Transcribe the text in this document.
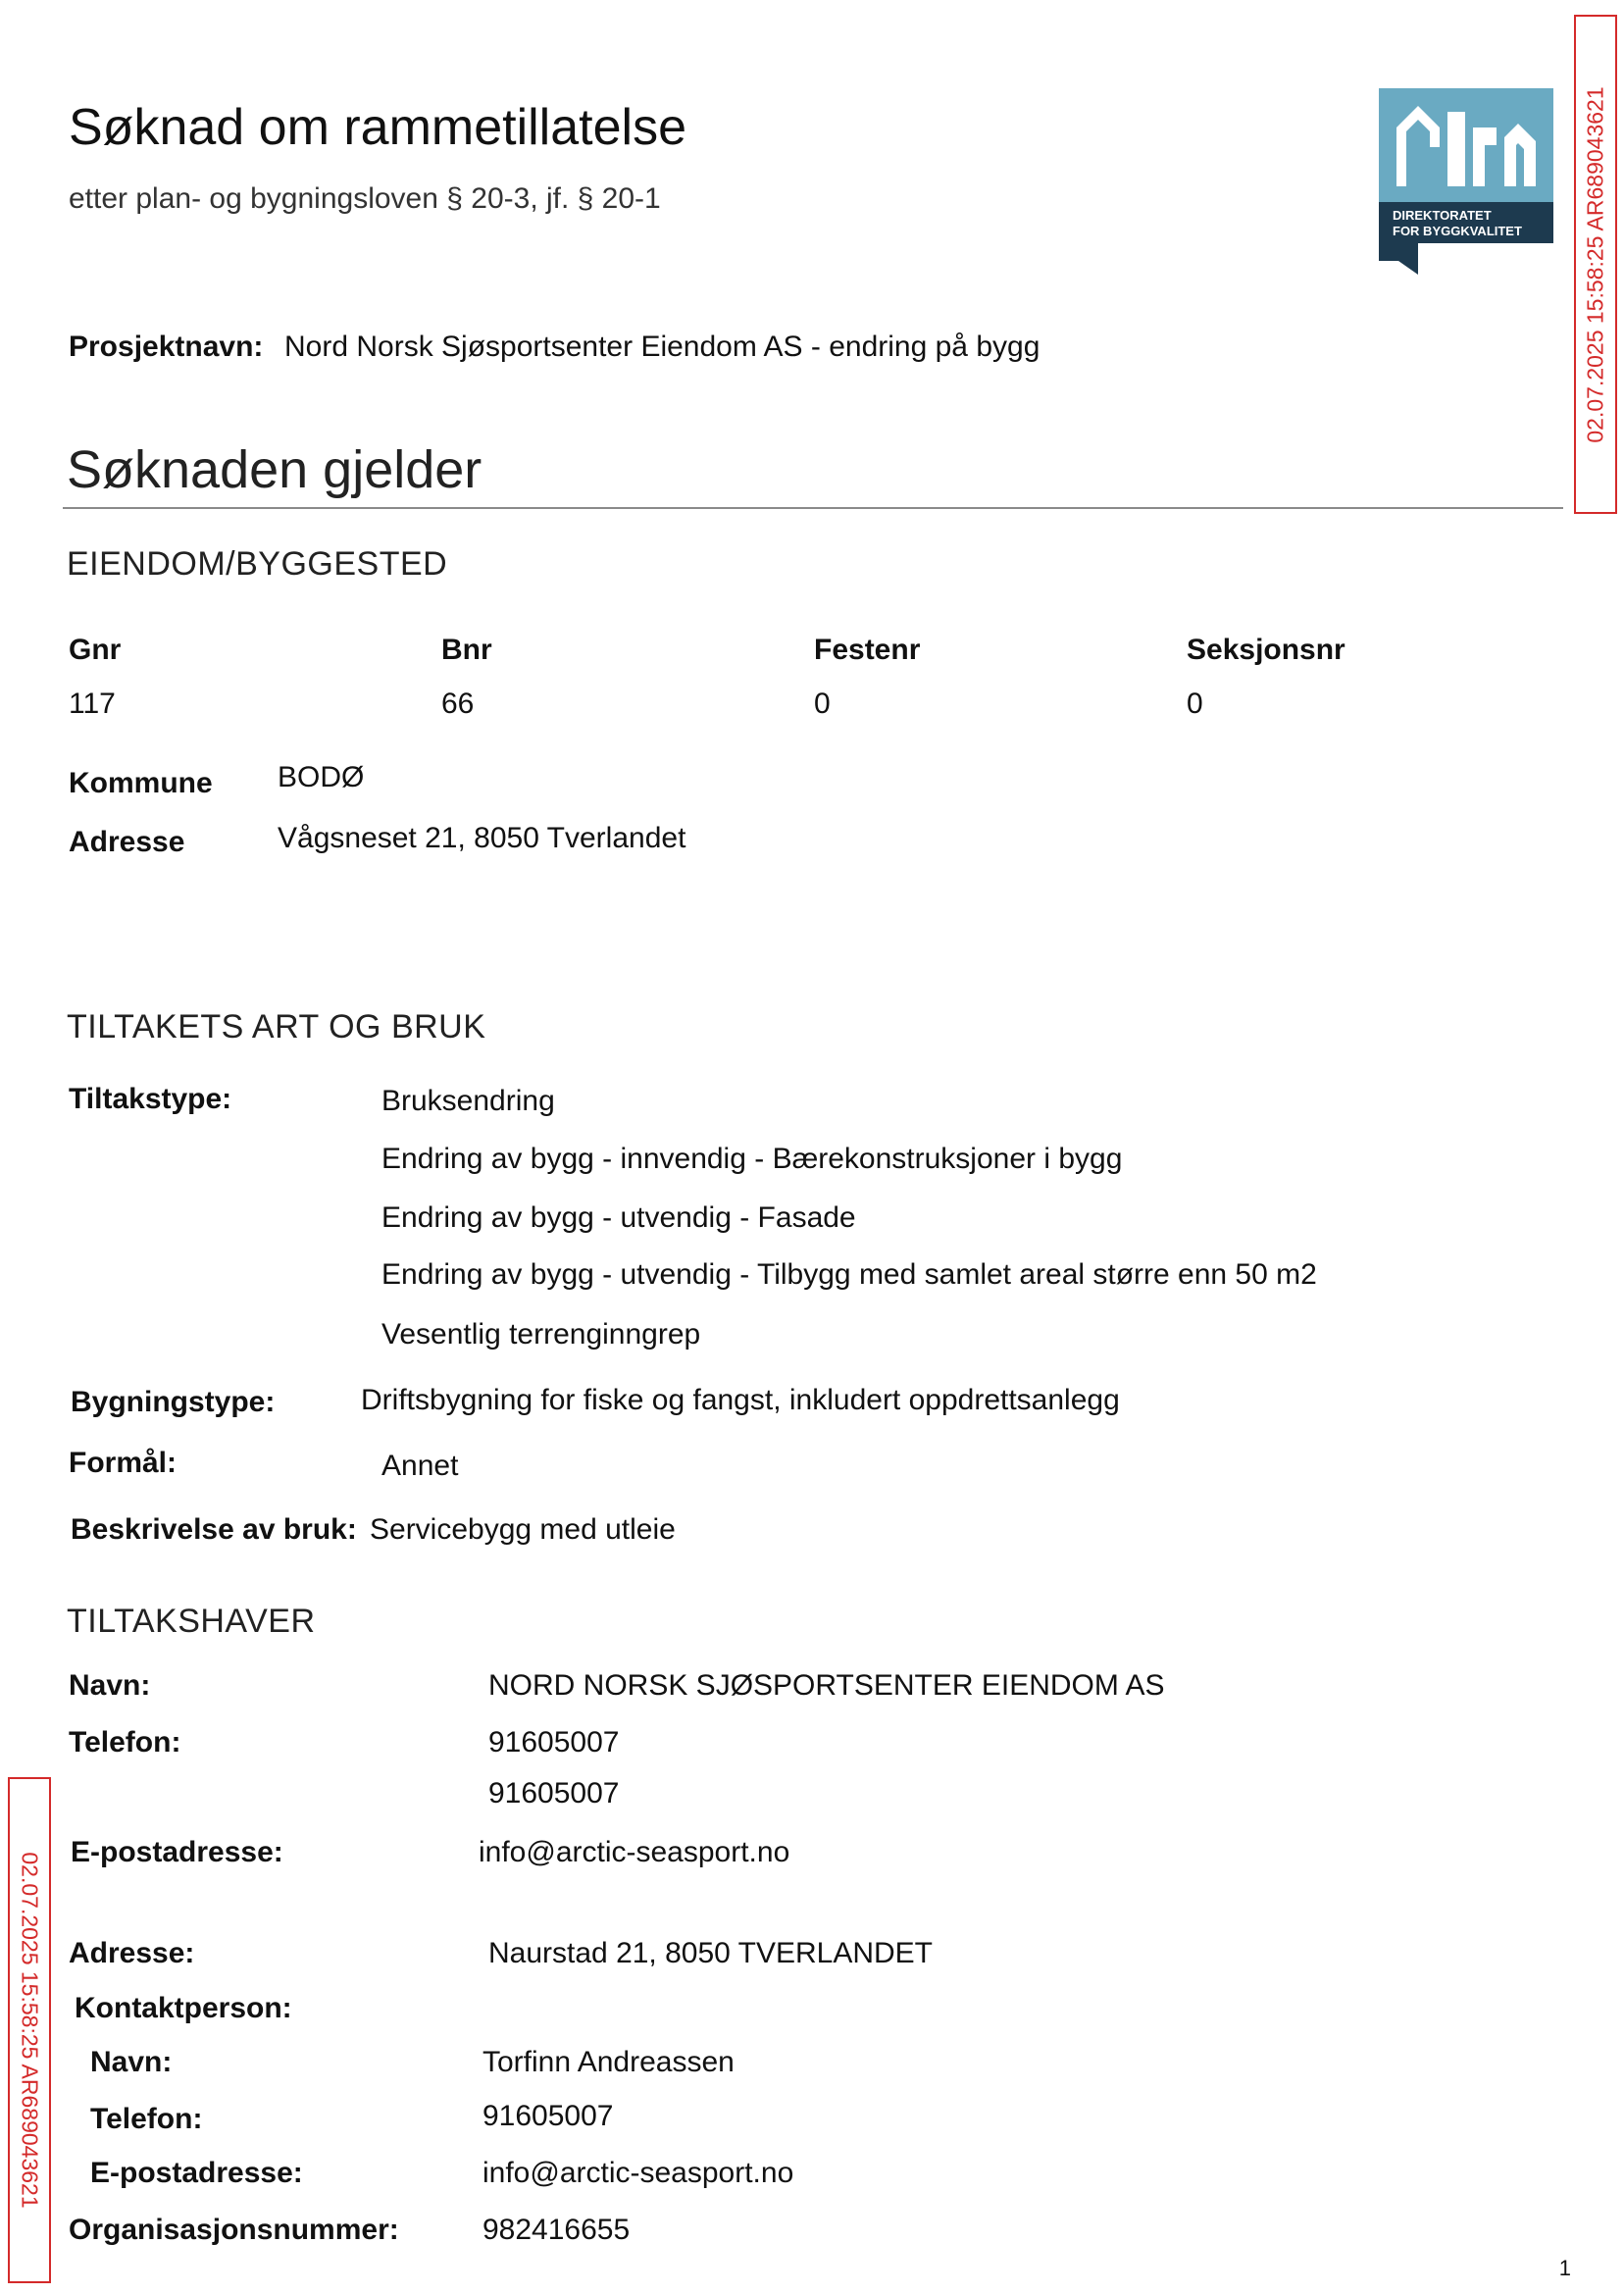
Søknad om rammetillatelse
etter plan- og bygningsloven § 20-3, jf. § 20-1
DIREKTORATET
FOR BYGGKVALITET	02.07.2025 15:58:25 AR689043621
02.07.2025 15:58:25 AR689043621
Prosjektnavn: Nord Norsk Sjøsportsenter Eiendom AS - endring på bygg
Søknaden gjelder
EIENDOM/BYGGESTED
Gnr	Bnr	Festenr	Seksjonsnr
117	66	0	0
Kommune BODØ
Adresse	Vågsneset 21, 8050 Tverlandet
TILTAKETS ART OG BRUK
Tiltakstype:	Bruksendring
Endring av bygg - innvendig - Bærekonstruksjoner i bygg
Endring av bygg - utvendig - Fasade
Endring av bygg - utvendig - Tilbygg med samlet areal større enn 50 m2
Vesentlig terrenginngrep
Bygningstype:	Driftsbygning for fiske og fangst, inkludert oppdrettsanlegg
Formål:	Annet
Beskrivelse av bruk: Servicebygg med utleie
TILTAKSHAVER
Navn:	NORD NORSK SJØSPORTSENTER EIENDOM AS
Telefon:	91605007
91605007
E-postadresse:	info@arctic-seasport.no
Adresse:	Naurstad 21, 8050 TVERLANDET
Kontaktperson:
Navn:	Torfinn Andreassen
Telefon:	91605007
E-postadresse:	info@arctic-seasport.no
Organisasjonsnummer:	982416655
1
